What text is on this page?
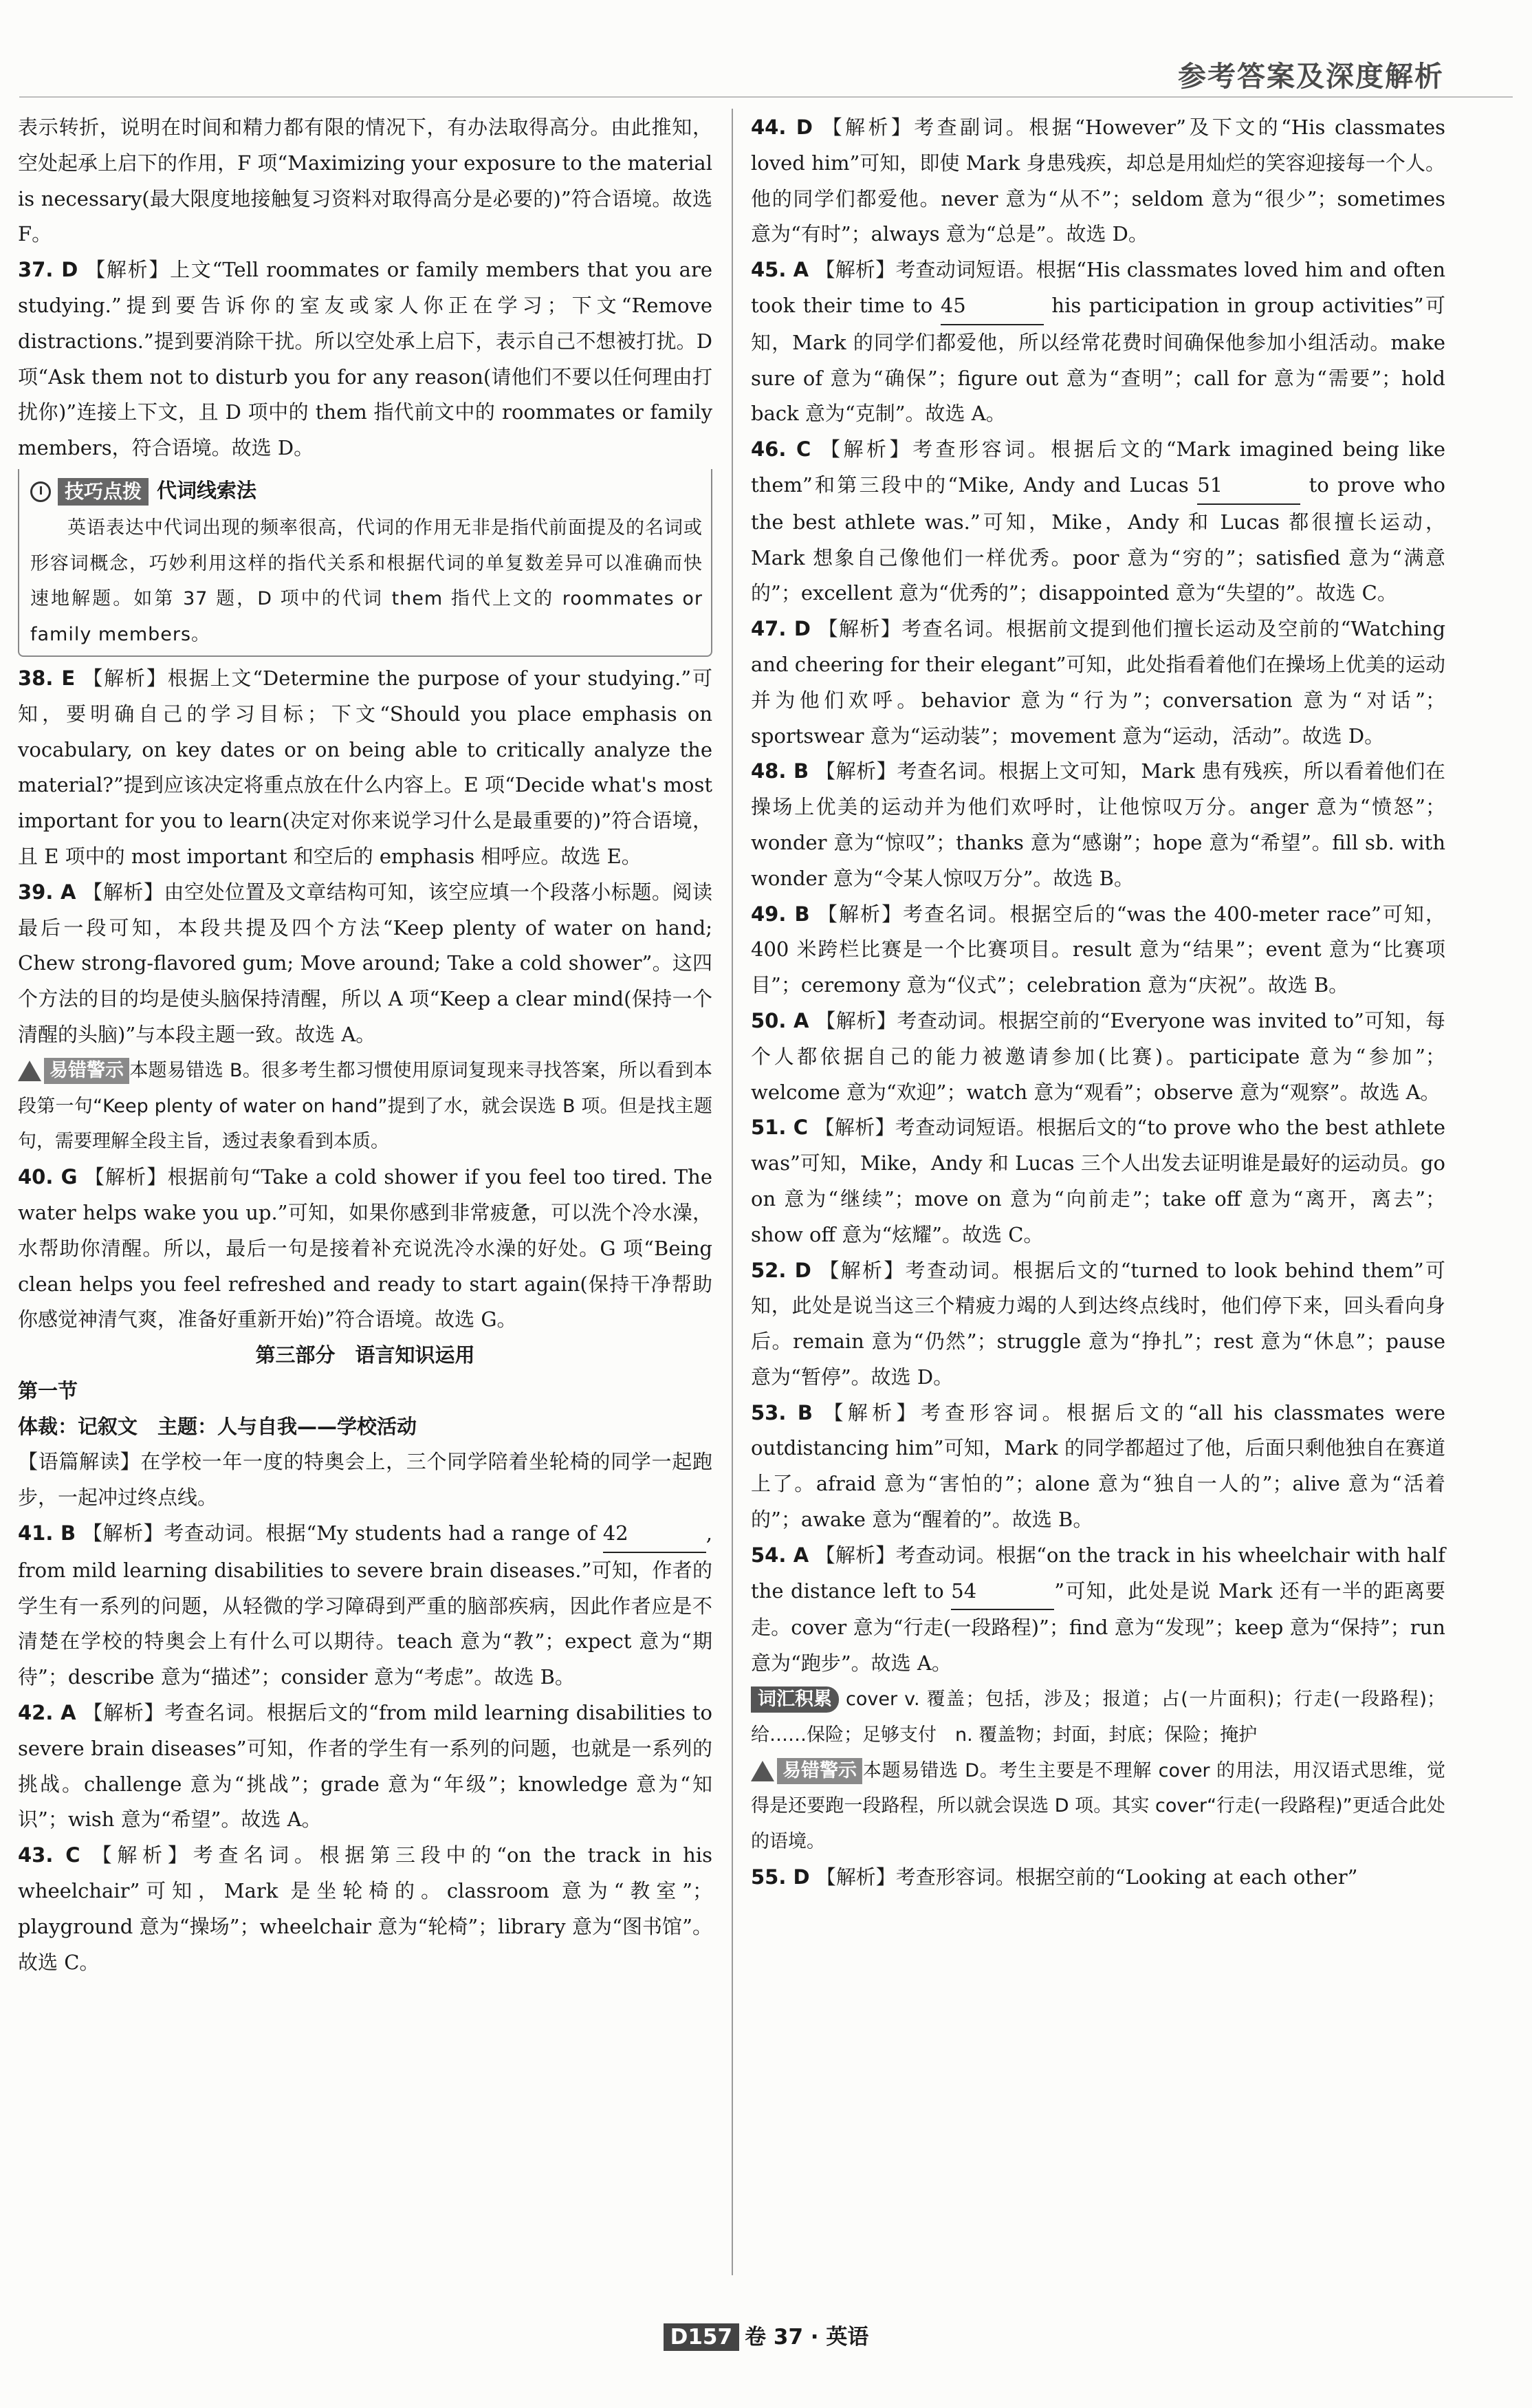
参考答案及深度解析

表示转折，说明在时间和精力都有限的情况下，有办法取得高分。由此推知，空处起承上启下的作用，F 项“Maximizing your exposure to the material is necessary(最大限度地接触复习资料对取得高分是必要的)”符合语境。故选 F。

37. D 【解析】上文“Tell roommates or family members that you are studying.”提到要告诉你的室友或家人你正在学习；下文“Remove distractions.”提到要消除干扰。所以空处承上启下，表示自己不想被打扰。D 项“Ask them not to disturb you for any reason(请他们不要以任何理由打扰你)”连接上下文，且 D 项中的 them 指代前文中的 roommates or family members，符合语境。故选 D。

技巧点拨 代词线索法

英语表达中代词出现的频率很高，代词的作用无非是指代前面提及的名词或形容词概念，巧妙利用这样的指代关系和根据代词的单复数差异可以准确而快速地解题。如第 37 题，D 项中的代词 them 指代上文的 roommates or family members。

38. E 【解析】根据上文“Determine the purpose of your studying.”可知，要明确自己的学习目标；下文“Should you place emphasis on vocabulary, on key dates or on being able to critically analyze the material?”提到应该决定将重点放在什么内容上。E 项“Decide what's most important for you to learn(决定对你来说学习什么是最重要的)”符合语境，且 E 项中的 most important 和空后的 emphasis 相呼应。故选 E。

39. A 【解析】由空处位置及文章结构可知，该空应填一个段落小标题。阅读最后一段可知，本段共提及四个方法“Keep plenty of water on hand; Chew strong-flavored gum; Move around; Take a cold shower”。这四个方法的目的均是使头脑保持清醒，所以 A 项“Keep a clear mind(保持一个清醒的头脑)”与本段主题一致。故选 A。

易错警示 本题易错选 B。很多考生都习惯使用原词复现来寻找答案，所以看到本段第一句“Keep plenty of water on hand”提到了水，就会误选 B 项。但是找主题句，需要理解全段主旨，透过表象看到本质。

40. G 【解析】根据前句“Take a cold shower if you feel too tired. The water helps wake you up.”可知，如果你感到非常疲惫，可以洗个冷水澡，水帮助你清醒。所以，最后一句是接着补充说洗冷水澡的好处。G 项“Being clean helps you feel refreshed and ready to start again(保持干净帮助你感觉神清气爽，准备好重新开始)”符合语境。故选 G。

第三部分　语言知识运用

第一节

体裁：记叙文　主题：人与自我——学校活动

【语篇解读】在学校一年一度的特奥会上，三个同学陪着坐轮椅的同学一起跑步，一起冲过终点线。

41. B 【解析】考查动词。根据“My students had a range of 42	, from mild learning disabilities to severe brain diseases.”可知，作者的学生有一系列的问题，从轻微的学习障碍到严重的脑部疾病，因此作者应是不清楚在学校的特奥会上有什么可以期待。teach 意为“教”；expect 意为“期待”；describe 意为“描述”；consider 意为“考虑”。故选 B。

42. A 【解析】考查名词。根据后文的“from mild learning disabilities to severe brain diseases”可知，作者的学生有一系列的问题，也就是一系列的挑战。challenge 意为“挑战”；grade 意为“年级”；knowledge 意为“知识”；wish 意为“希望”。故选 A。

43. C 【解析】考查名词。根据第三段中的“on the track in his wheelchair”可知，Mark 是坐轮椅的。classroom 意为“教室”；playground 意为“操场”；wheelchair 意为“轮椅”；library 意为“图书馆”。故选 C。

44. D 【解析】考查副词。根据“However”及下文的“His classmates loved him”可知，即使 Mark 身患残疾，却总是用灿烂的笑容迎接每一个人。他的同学们都爱他。never 意为“从不”；seldom 意为“很少”；sometimes 意为“有时”；always 意为“总是”。故选 D。

45. A 【解析】考查动词短语。根据“His classmates loved him and often took their time to 45	his participation in group activities”可知，Mark 的同学们都爱他，所以经常花费时间确保他参加小组活动。make sure of 意为“确保”；figure out 意为“查明”；call for 意为“需要”；hold back 意为“克制”。故选 A。

46. C 【解析】考查形容词。根据后文的“Mark imagined being like them”和第三段中的“Mike, Andy and Lucas 51	to prove who the best athlete was.”可知，Mike，Andy 和 Lucas 都很擅长运动，Mark 想象自己像他们一样优秀。poor 意为“穷的”；satisfied 意为“满意的”；excellent 意为“优秀的”；disappointed 意为“失望的”。故选 C。

47. D 【解析】考查名词。根据前文提到他们擅长运动及空前的“Watching and cheering for their elegant”可知，此处指看着他们在操场上优美的运动并为他们欢呼。behavior 意为“行为”；conversation 意为“对话”；sportswear 意为“运动装”；movement 意为“运动，活动”。故选 D。

48. B 【解析】考查名词。根据上文可知，Mark 患有残疾，所以看着他们在操场上优美的运动并为他们欢呼时，让他惊叹万分。anger 意为“愤怒”；wonder 意为“惊叹”；thanks 意为“感谢”；hope 意为“希望”。fill sb. with wonder 意为“令某人惊叹万分”。故选 B。

49. B 【解析】考查名词。根据空后的“was the 400-meter race”可知，400 米跨栏比赛是一个比赛项目。result 意为“结果”；event 意为“比赛项目”；ceremony 意为“仪式”；celebration 意为“庆祝”。故选 B。

50. A 【解析】考查动词。根据空前的“Everyone was invited to”可知，每个人都依据自己的能力被邀请参加(比赛)。participate 意为“参加”；welcome 意为“欢迎”；watch 意为“观看”；observe 意为“观察”。故选 A。

51. C 【解析】考查动词短语。根据后文的“to prove who the best athlete was”可知，Mike，Andy 和 Lucas 三个人出发去证明谁是最好的运动员。go on 意为“继续”；move on 意为“向前走”；take off 意为“离开，离去”；show off 意为“炫耀”。故选 C。

52. D 【解析】考查动词。根据后文的“turned to look behind them”可知，此处是说当这三个精疲力竭的人到达终点线时，他们停下来，回头看向身后。remain 意为“仍然”；struggle 意为“挣扎”；rest 意为“休息”；pause 意为“暂停”。故选 D。

53. B 【解析】考查形容词。根据后文的“all his classmates were outdistancing him”可知，Mark 的同学都超过了他，后面只剩他独自在赛道上了。afraid 意为“害怕的”；alone 意为“独自一人的”；alive 意为“活着的”；awake 意为“醒着的”。故选 B。

54. A 【解析】考查动词。根据“on the track in his wheelchair with half the distance left to 54	”可知，此处是说 Mark 还有一半的距离要走。cover 意为“行走(一段路程)”；find 意为“发现”；keep 意为“保持”；run 意为“跑步”。故选 A。

词汇积累 cover v. 覆盖；包括，涉及；报道；占(一片面积)；行走(一段路程)；给……保险；足够支付　n. 覆盖物；封面，封底；保险；掩护

易错警示 本题易错选 D。考生主要是不理解 cover 的用法，用汉语式思维，觉得是还要跑一段路程，所以就会误选 D 项。其实 cover“行走(一段路程)”更适合此处的语境。

55. D 【解析】考查形容词。根据空前的“Looking at each other”

D157 卷 37 · 英语
